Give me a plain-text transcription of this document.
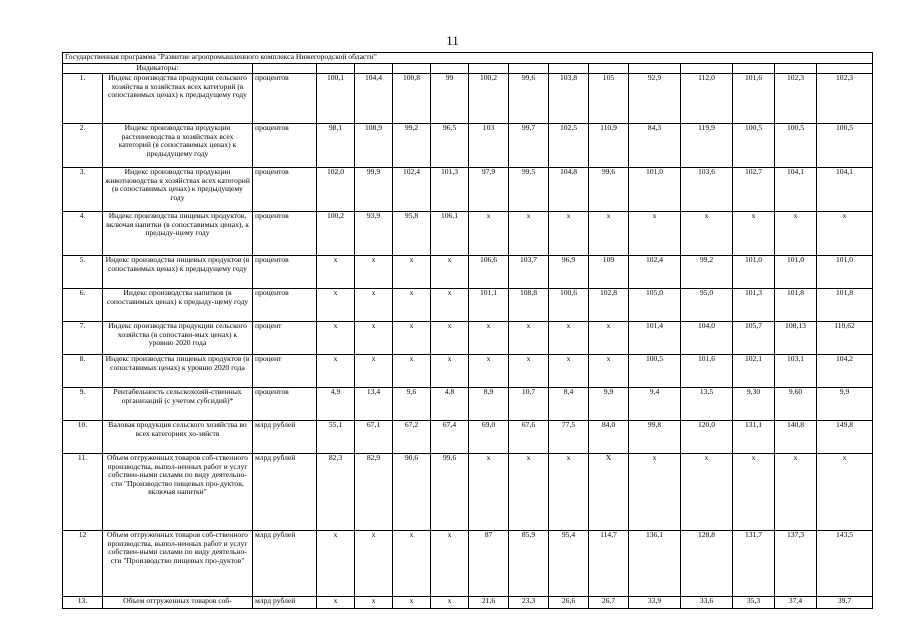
11
Государственная программа "Развитие агропромышленного комплекса Нижегородской области"															
Индикаторы:															
1.	Индекс производства продукции сельского хозяйства в хозяйствах всех категорий (в сопоставимых ценах) к предыдущему году	процентов	100,1	104,4	100,8	99	100,2	99,6	103,8	105	92,9	112,0	101,6	102,3	102,3
2.	Индекс производства продукции растениеводства в хозяйствах всех категорий (в сопоставимых ценах) к предыдущему году	процентов	98,1	108,9	99,2	96,5	103	99,7	102,5	110,9	84,3	119,9	100,5	100,5	100,5
3.	Индекс производства продукции животноводства в хозяйствах всех категорий (в сопоставимых ценах) к предыдущему году	процентов	102,0	99,9	102,4	101,3	97,9	99,5	104,8	99,6	101,0	103,6	102,7	104,1	104,1
4.	Индекс производства пищевых продуктов, включая напитки (в сопоставимых ценах), к предыду-щему году	процентов	100,2	93,9	95,8	106,1	х	х	х	х	х	х	х	х	х
5.	Индекс производства пищевых продуктов (в сопоставимых ценах) к предыдущему году	процентов	х	х	х	х	106,6	103,7	96,9	109	102,4	99,2	101,0	101,0	101,0
6.	Индекс производства напитков (в сопоставимых ценах) к предыду-щему году	процентов	х	х	х	х	101,1	108,8	100,6	102,8	105,0	95,0	101,3	101,8	101,8
7.	Индекс производства продукции сельского хозяйства (в сопостави-мых ценах) к уровню 2020 года	процент	х	х	х	х	х	х	х	х	101,4	104,0	105,7	108,13	110,62
8.	Индекс производства пищевых продуктов (в сопоставимых ценах) к уровню 2020 года	процент	х	х	х	х	х	х	х	х	100,5	101,6	102,1	103,1	104,2
9.	Рентабельность сельскохозяй-ственных организаций (с учетом субсидий)*	процентов	4,9	13,4	9,6	4,8	8,9	10,7	8,4	9,9	9,4	13,5	9,30	9,60	9,9
10.	Валовая продукция сельского хозяйства во всех категориях хо-зяйств	млрд рублей	55,1	67,1	67,2	67,4	69,0	67,6	77,5	84,0	99,8	120,0	131,1	140,8	149,8
11.	Объем отгруженных товаров соб-ственного производства, выпол-ненных работ и услуг собствен-ными силами по виду деятельно-сти "Производство пищевых про-дуктов, включая напитки"	млрд рублей	82,3	82,9	90,6	99,6	х	х	х	Х	х	х	х	х	х
12	Объем отгруженных товаров соб-ственного производства, выпол-ненных работ и услуг собствен-ными силами по виду деятельно-сти "Производство пищевых про-дуктов"	млрд рублей	х	х	х	х	87	85,9	95,4	114,7	136,1	128,8	131,7	137,3	143,5
13.	Объем отгруженных товаров соб-	млрд рублей	х	х	х	х	21,6	23,3	26,6	26,7	33,9	33,6	35,3	37,4	39,7
